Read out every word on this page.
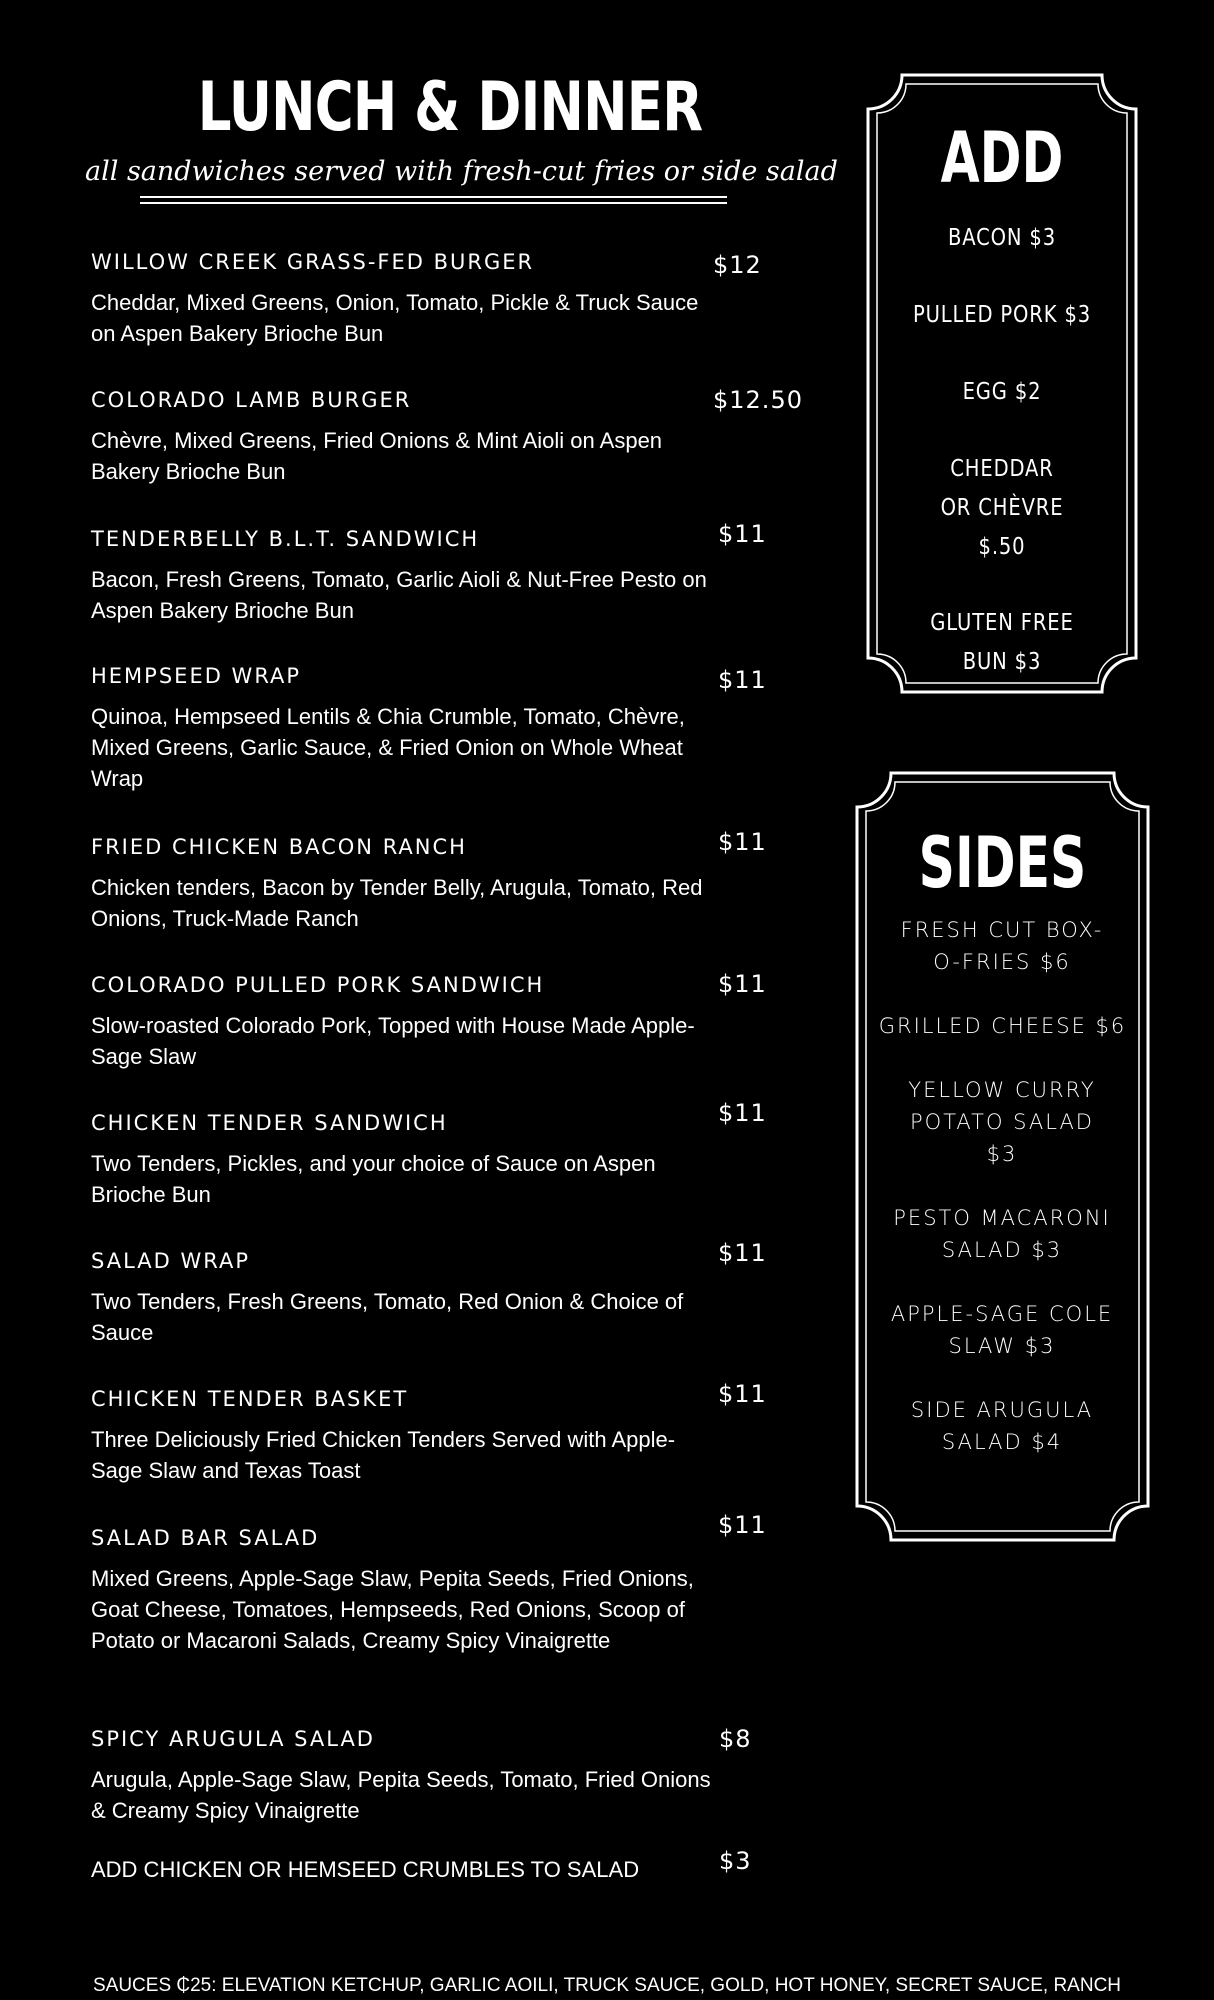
LUNCH & DINNER
all sandwiches served with fresh-cut fries or side salad
WILLOW CREEK GRASS-FED BURGER
Cheddar, Mixed Greens, Onion, Tomato, Pickle & Truck Sauce on Aspen Bakery Brioche Bun
$12
COLORADO LAMB BURGER
Chèvre, Mixed Greens, Fried Onions & Mint Aioli on Aspen Bakery Brioche Bun
$12.50
TENDERBELLY B.L.T. SANDWICH
Bacon, Fresh Greens, Tomato, Garlic Aioli & Nut-Free Pesto on Aspen Bakery Brioche Bun
$11
HEMPSEED WRAP
Quinoa, Hempseed Lentils & Chia Crumble, Tomato, Chèvre, Mixed Greens, Garlic Sauce, & Fried Onion on Whole Wheat Wrap
$11
FRIED CHICKEN BACON RANCH
Chicken tenders, Bacon by Tender Belly, Arugula, Tomato, Red Onions, Truck-Made Ranch
$11
COLORADO PULLED PORK SANDWICH
Slow-roasted Colorado Pork, Topped with House Made Apple-Sage Slaw
$11
CHICKEN TENDER SANDWICH
Two Tenders, Pickles, and your choice of Sauce on Aspen Brioche Bun
$11
SALAD WRAP
Two Tenders, Fresh Greens, Tomato, Red Onion & Choice of Sauce
$11
CHICKEN TENDER BASKET
Three Deliciously Fried Chicken Tenders Served with Apple-Sage Slaw and Texas Toast
$11
SALAD BAR SALAD
Mixed Greens, Apple-Sage Slaw, Pepita Seeds, Fried Onions, Goat Cheese, Tomatoes, Hempseeds, Red Onions, Scoop of Potato or Macaroni Salads, Creamy Spicy Vinaigrette
$11
SPICY ARUGULA SALAD
Arugula, Apple-Sage Slaw, Pepita Seeds, Tomato, Fried Onions & Creamy Spicy Vinaigrette
$8
ADD CHICKEN OR HEMSEED CRUMBLES TO SALAD	$3
ADD
BACON $3
PULLED PORK $3
EGG $2
CHEDDAR OR CHÈVRE $.50
GLUTEN FREE BUN $3
SIDES
FRESH CUT BOX-O-FRIES $6
GRILLED CHEESE $6
YELLOW CURRY POTATO SALAD $3
PESTO MACARONI SALAD $3
APPLE-SAGE COLE SLAW $3
SIDE ARUGULA SALAD $4
SAUCES ₵25: ELEVATION KETCHUP, GARLIC AOILI, TRUCK SAUCE, GOLD, HOT HONEY, SECRET SAUCE, RANCH
